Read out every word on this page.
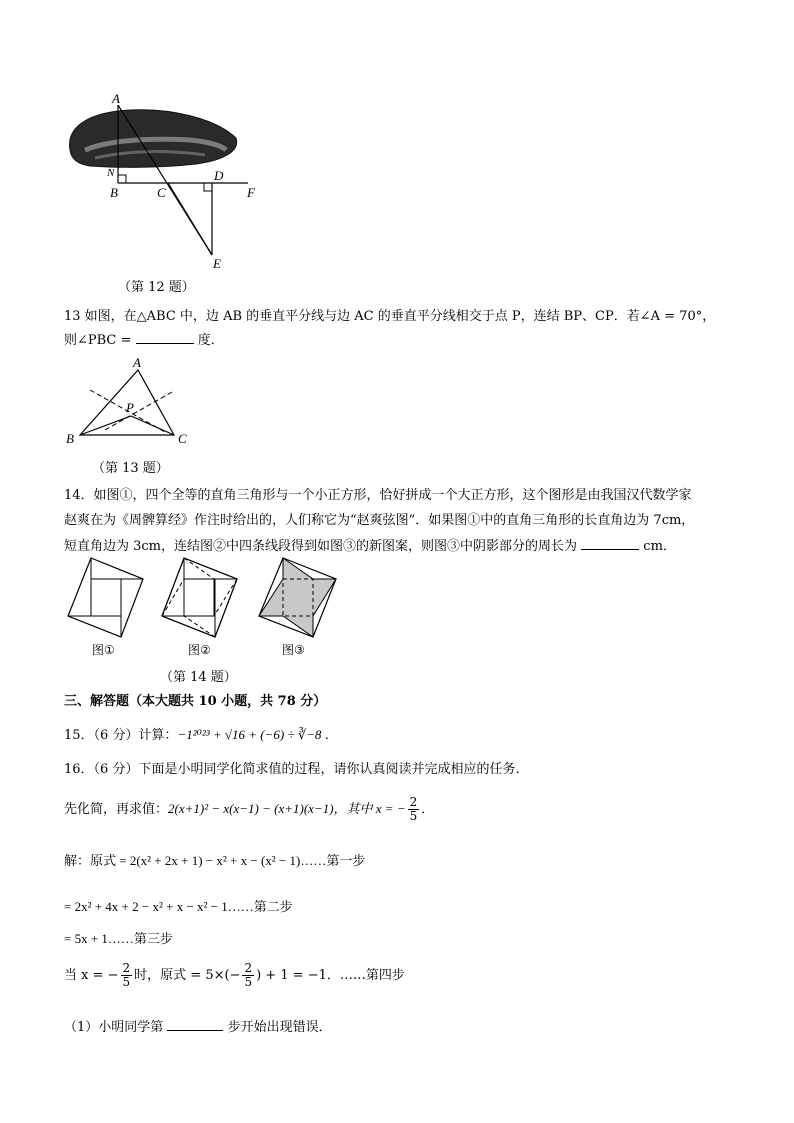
A
N
B	C
D
F
E
（第 12 题）
13 如图，在△ABC 中，边 AB 的垂直平分线与边 AC 的垂直平分线相交于点 P，连结 BP、CP．若∠A = 70°，
则∠PBC =	度．
A
B	C
P
（第 13 题）
14．如图①，四个全等的直角三角形与一个小正方形，恰好拼成一个大正方形，这个图形是由我国汉代数学家
赵爽在为《周髀算经》作注时给出的，人们称它为“赵爽弦图”．如果图①中的直角三角形的长直角边为 7cm，
短直角边为 3cm，连结图②中四条线段得到如图③的新图案，则图③中阴影部分的周长为	cm．
图①	图②	图③
（第 14 题）
三、解答题（本大题共 10 小题，共 78 分）
15．（6 分）计算：−1²⁰²³ + √16 + (−6) ÷ ∛−8 ．
16．（6 分）下面是小明同学化简求值的过程，请你认真阅读并完成相应的任务．
先化简，再求值：2(x+1)² − x(x−1) − (x+1)(x−1)，其中 x = − $\frac{2}{5}$ ．
解：原式 = 2(x² + 2x + 1) − x² + x − (x² − 1)……第一步
= 2x² + 4x + 2 − x² + x − x² − 1……第二步
= 5x + 1……第三步
当 x = − $\frac{2}{5}$ 时，原式 = $5\times(- \frac{2}{5}$ ) + 1 = −1．……第四步
（1）小明同学第	步开始出现错误．
